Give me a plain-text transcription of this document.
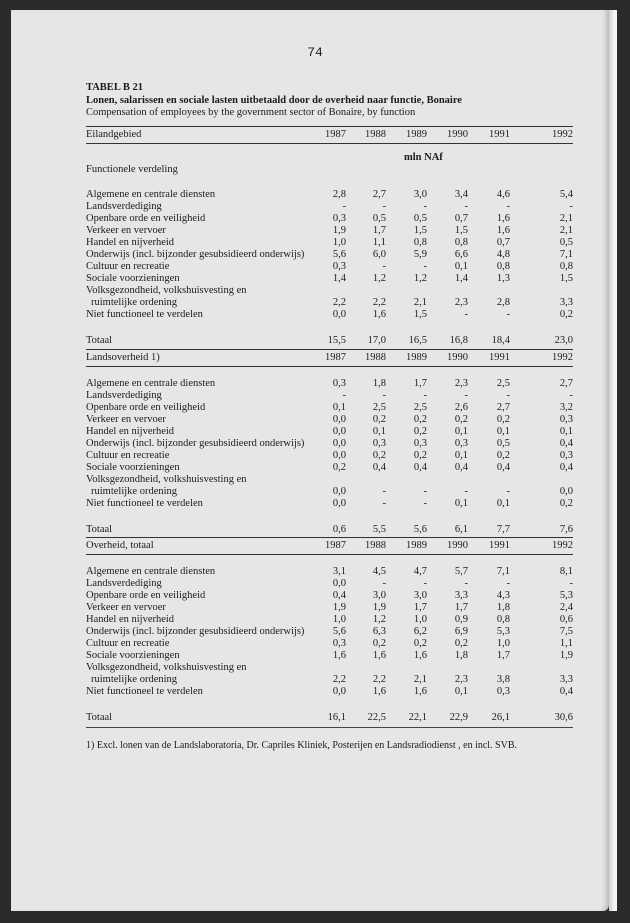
74
TABEL B 21
Lonen, salarissen en sociale lasten uitbetaald door de overheid naar functie, Bonaire
Compensation of employees by the government sector of Bonaire, by function
Eilandgebied	1987	1988	1989	1990	1991	1992
mln NAf
Functionele verdeling
Algemene en centrale diensten	2,8	2,7	3,0	3,4	4,6	5,4
Landsverdediging	-	-	-	-	-	-
Openbare orde en veiligheid	0,3	0,5	0,5	0,7	1,6	2,1
Verkeer en vervoer	1,9	1,7	1,5	1,5	1,6	2,1
Handel en nijverheid	1,0	1,1	0,8	0,8	0,7	0,5
Onderwijs (incl. bijzonder gesubsidieerd onderwijs)	5,6	6,0	5,9	6,6	4,8	7,1
Cultuur en recreatie	0,3	-	-	0,1	0,8	0,8
Sociale voorzieningen	1,4	1,2	1,2	1,4	1,3	1,5
Volksgezondheid, volkshuisvesting en
ruimtelijke ordening	2,2	2,2	2,1	2,3	2,8	3,3
Niet functioneel te verdelen	0,0	1,6	1,5	-	-	0,2
Totaal	15,5	17,0	16,5	16,8	18,4	23,0
Landsoverheid 1)	1987	1988	1989	1990	1991	1992
Algemene en centrale diensten	0,3	1,8	1,7	2,3	2,5	2,7
Landsverdediging	-	-	-	-	-	-
Openbare orde en veiligheid	0,1	2,5	2,5	2,6	2,7	3,2
Verkeer en vervoer	0,0	0,2	0,2	0,2	0,2	0,3
Handel en nijverheid	0,0	0,1	0,2	0,1	0,1	0,1
Onderwijs (incl. bijzonder gesubsidieerd onderwijs)	0,0	0,3	0,3	0,3	0,5	0,4
Cultuur en recreatie	0,0	0,2	0,2	0,1	0,2	0,3
Sociale voorzieningen	0,2	0,4	0,4	0,4	0,4	0,4
Volksgezondheid, volkshuisvesting en
ruimtelijke ordening	0,0	-	-	-	-	0,0
Niet functioneel te verdelen	0,0	-	-	0,1	0,1	0,2
Totaal	0,6	5,5	5,6	6,1	7,7	7,6
Overheid, totaal	1987	1988	1989	1990	1991	1992
Algemene en centrale diensten	3,1	4,5	4,7	5,7	7,1	8,1
Landsverdediging	0,0	-	-	-	-	-
Openbare orde en veiligheid	0,4	3,0	3,0	3,3	4,3	5,3
Verkeer en vervoer	1,9	1,9	1,7	1,7	1,8	2,4
Handel en nijverheid	1,0	1,2	1,0	0,9	0,8	0,6
Onderwijs (incl. bijzonder gesubsidieerd onderwijs)	5,6	6,3	6,2	6,9	5,3	7,5
Cultuur en recreatie	0,3	0,2	0,2	0,2	1,0	1,1
Sociale voorzieningen	1,6	1,6	1,6	1,8	1,7	1,9
Volksgezondheid, volkshuisvesting en
ruimtelijke ordening	2,2	2,2	2,1	2,3	3,8	3,3
Niet functioneel te verdelen	0,0	1,6	1,6	0,1	0,3	0,4
Totaal	16,1	22,5	22,1	22,9	26,1	30,6
1) Excl. lonen van de Landslaboratoria, Dr. Capriles Kliniek, Posterijen en Landsradiodienst , en incl. SVB.
